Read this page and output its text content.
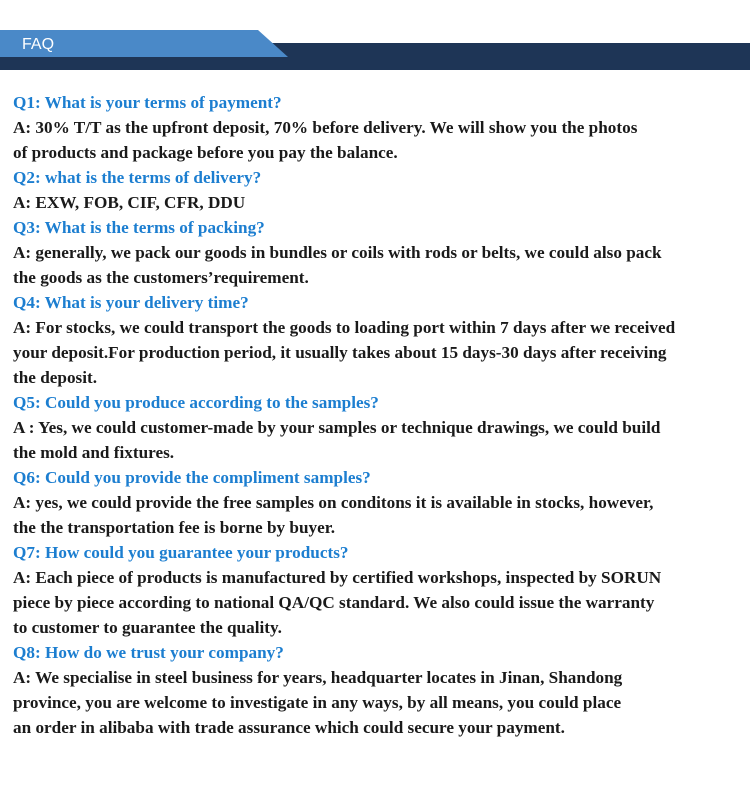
FAQ

Q1: What is your terms of payment?

A: 30% T/T as the upfront deposit, 70% before delivery. We will show you the photos

of products and package before you pay the balance.

Q2: what is the terms of delivery?

A: EXW, FOB, CIF, CFR, DDU

Q3: What is the terms of packing?

A: generally, we pack our goods in bundles or coils with rods or belts, we could also pack

the goods as the customers’requirement.

Q4: What is your delivery time?

A: For stocks, we could transport the goods to loading port within 7 days after we received

your deposit.For production period, it usually takes about 15 days-30 days after receiving

the deposit.

Q5: Could you produce according to the samples?

A : Yes, we could customer-made by your samples or technique drawings, we could build

the mold and fixtures.

Q6: Could you provide the compliment samples?

A: yes, we could provide the free samples on conditons it is available in stocks, however,

the the transportation fee is borne by buyer.

Q7: How could you guarantee your products?

A: Each piece of products is manufactured by certified workshops, inspected by SORUN

piece by piece according to national QA/QC standard. We also could issue the warranty

to customer to guarantee the quality.

Q8: How do we trust your company?

A: We specialise in steel business for years, headquarter locates in Jinan, Shandong

province, you are welcome to investigate in any ways, by all means, you could place

an order in alibaba with trade assurance which could secure your payment.
